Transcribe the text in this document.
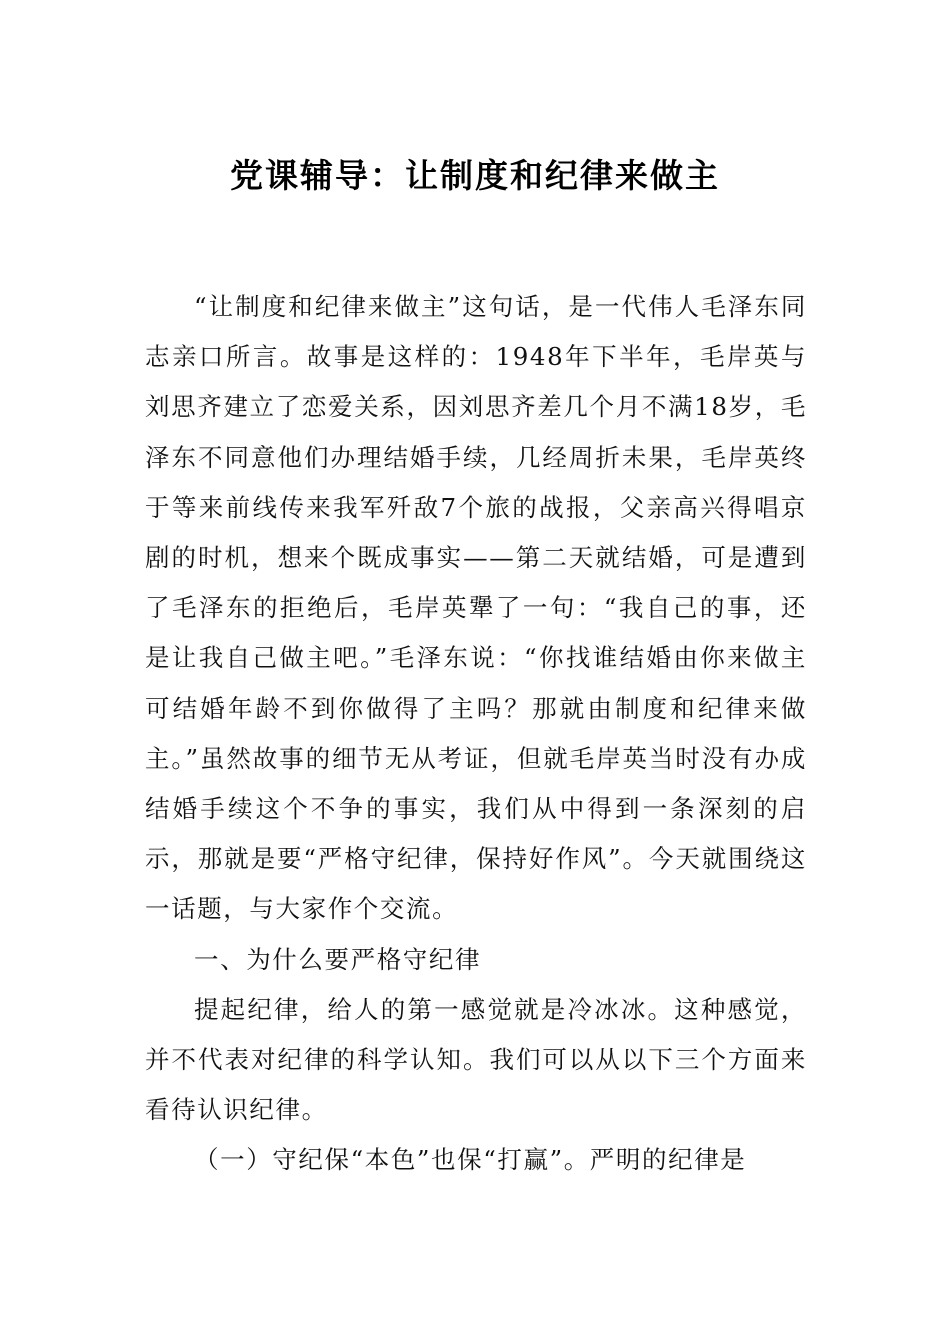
党课辅导：让制度和纪律来做主

“让制度和纪律来做主”这句话，是一代伟人毛泽东同志亲口所言。故事是这样的：1948年下半年，毛岸英与刘思齐建立了恋爱关系，因刘思齐差几个月不满18岁，毛泽东不同意他们办理结婚手续，几经周折未果，毛岸英终于等来前线传来我军歼敌7个旅的战报，父亲高兴得唱京剧的时机，想来个既成事实——第二天就结婚，可是遭到了毛泽东的拒绝后，毛岸英犟了一句：“我自己的事，还是让我自己做主吧。”毛泽东说：“你找谁结婚由你来做主可结婚年龄不到你做得了主吗？那就由制度和纪律来做主。”虽然故事的细节无从考证，但就毛岸英当时没有办成结婚手续这个不争的事实，我们从中得到一条深刻的启示，那就是要“严格守纪律，保持好作风”。今天就围绕这一话题，与大家作个交流。

一、为什么要严格守纪律

提起纪律，给人的第一感觉就是冷冰冰。这种感觉，并不代表对纪律的科学认知。我们可以从以下三个方面来看待认识纪律。

（一）守纪保“本色”也保“打赢”。严明的纪律是
